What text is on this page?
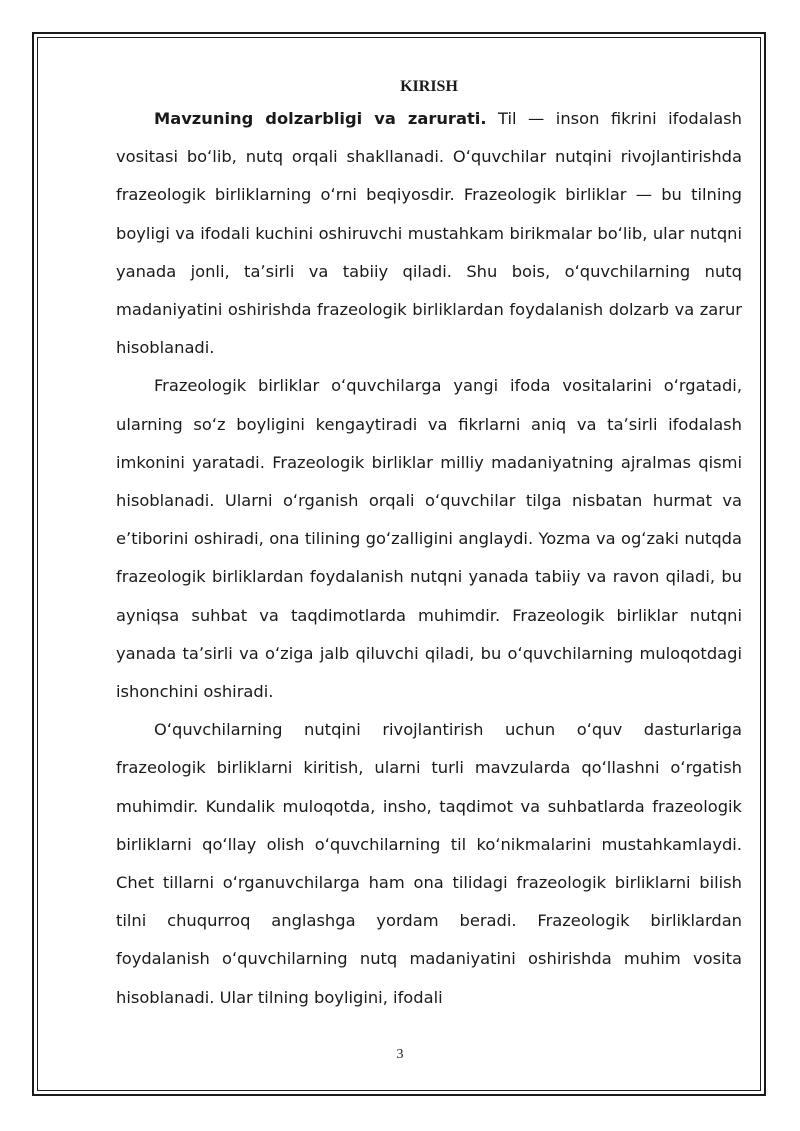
KIRISH

Mavzuning dolzarbligi va zarurati. Til — inson fikrini ifodalash vositasi boʻlib, nutq orqali shakllanadi. Oʻquvchilar nutqini rivojlantirishda frazeologik birliklarning oʻrni beqiyosdir. Frazeologik birliklar — bu tilning boyligi va ifodali kuchini oshiruvchi mustahkam birikmalar boʻlib, ular nutqni yanada jonli, taʼsirli va tabiiy qiladi. Shu bois, oʻquvchilarning nutq madaniyatini oshirishda frazeologik birliklardan foydalanish dolzarb va zarur hisoblanadi.

Frazeologik birliklar oʻquvchilarga yangi ifoda vositalarini oʻrgatadi, ularning soʻz boyligini kengaytiradi va fikrlarni aniq va taʼsirli ifodalash imkonini yaratadi. Frazeologik birliklar milliy madaniyatning ajralmas qismi hisoblanadi. Ularni oʻrganish orqali oʻquvchilar tilga nisbatan hurmat va eʼtiborini oshiradi, ona tilining goʻzalligini anglaydi. Yozma va ogʻzaki nutqda frazeologik birliklardan foydalanish nutqni yanada tabiiy va ravon qiladi, bu ayniqsa suhbat va taqdimotlarda muhimdir. Frazeologik birliklar nutqni yanada taʼsirli va oʻziga jalb qiluvchi qiladi, bu oʻquvchilarning muloqotdagi ishonchini oshiradi.

Oʻquvchilarning nutqini rivojlantirish uchun oʻquv dasturlariga frazeologik birliklarni kiritish, ularni turli mavzularda qoʻllashni oʻrgatish muhimdir. Kundalik muloqotda, insho, taqdimot va suhbatlarda frazeologik birliklarni qoʻllay olish oʻquvchilarning til koʻnikmalarini mustahkamlaydi. Chet tillarni oʻrganuvchilarga ham ona tilidagi frazeologik birliklarni bilish tilni chuqurroq anglashga yordam beradi. Frazeologik birliklardan foydalanish oʻquvchilarning nutq madaniyatini oshirishda muhim vosita hisoblanadi. Ular tilning boyligini, ifodali

3
